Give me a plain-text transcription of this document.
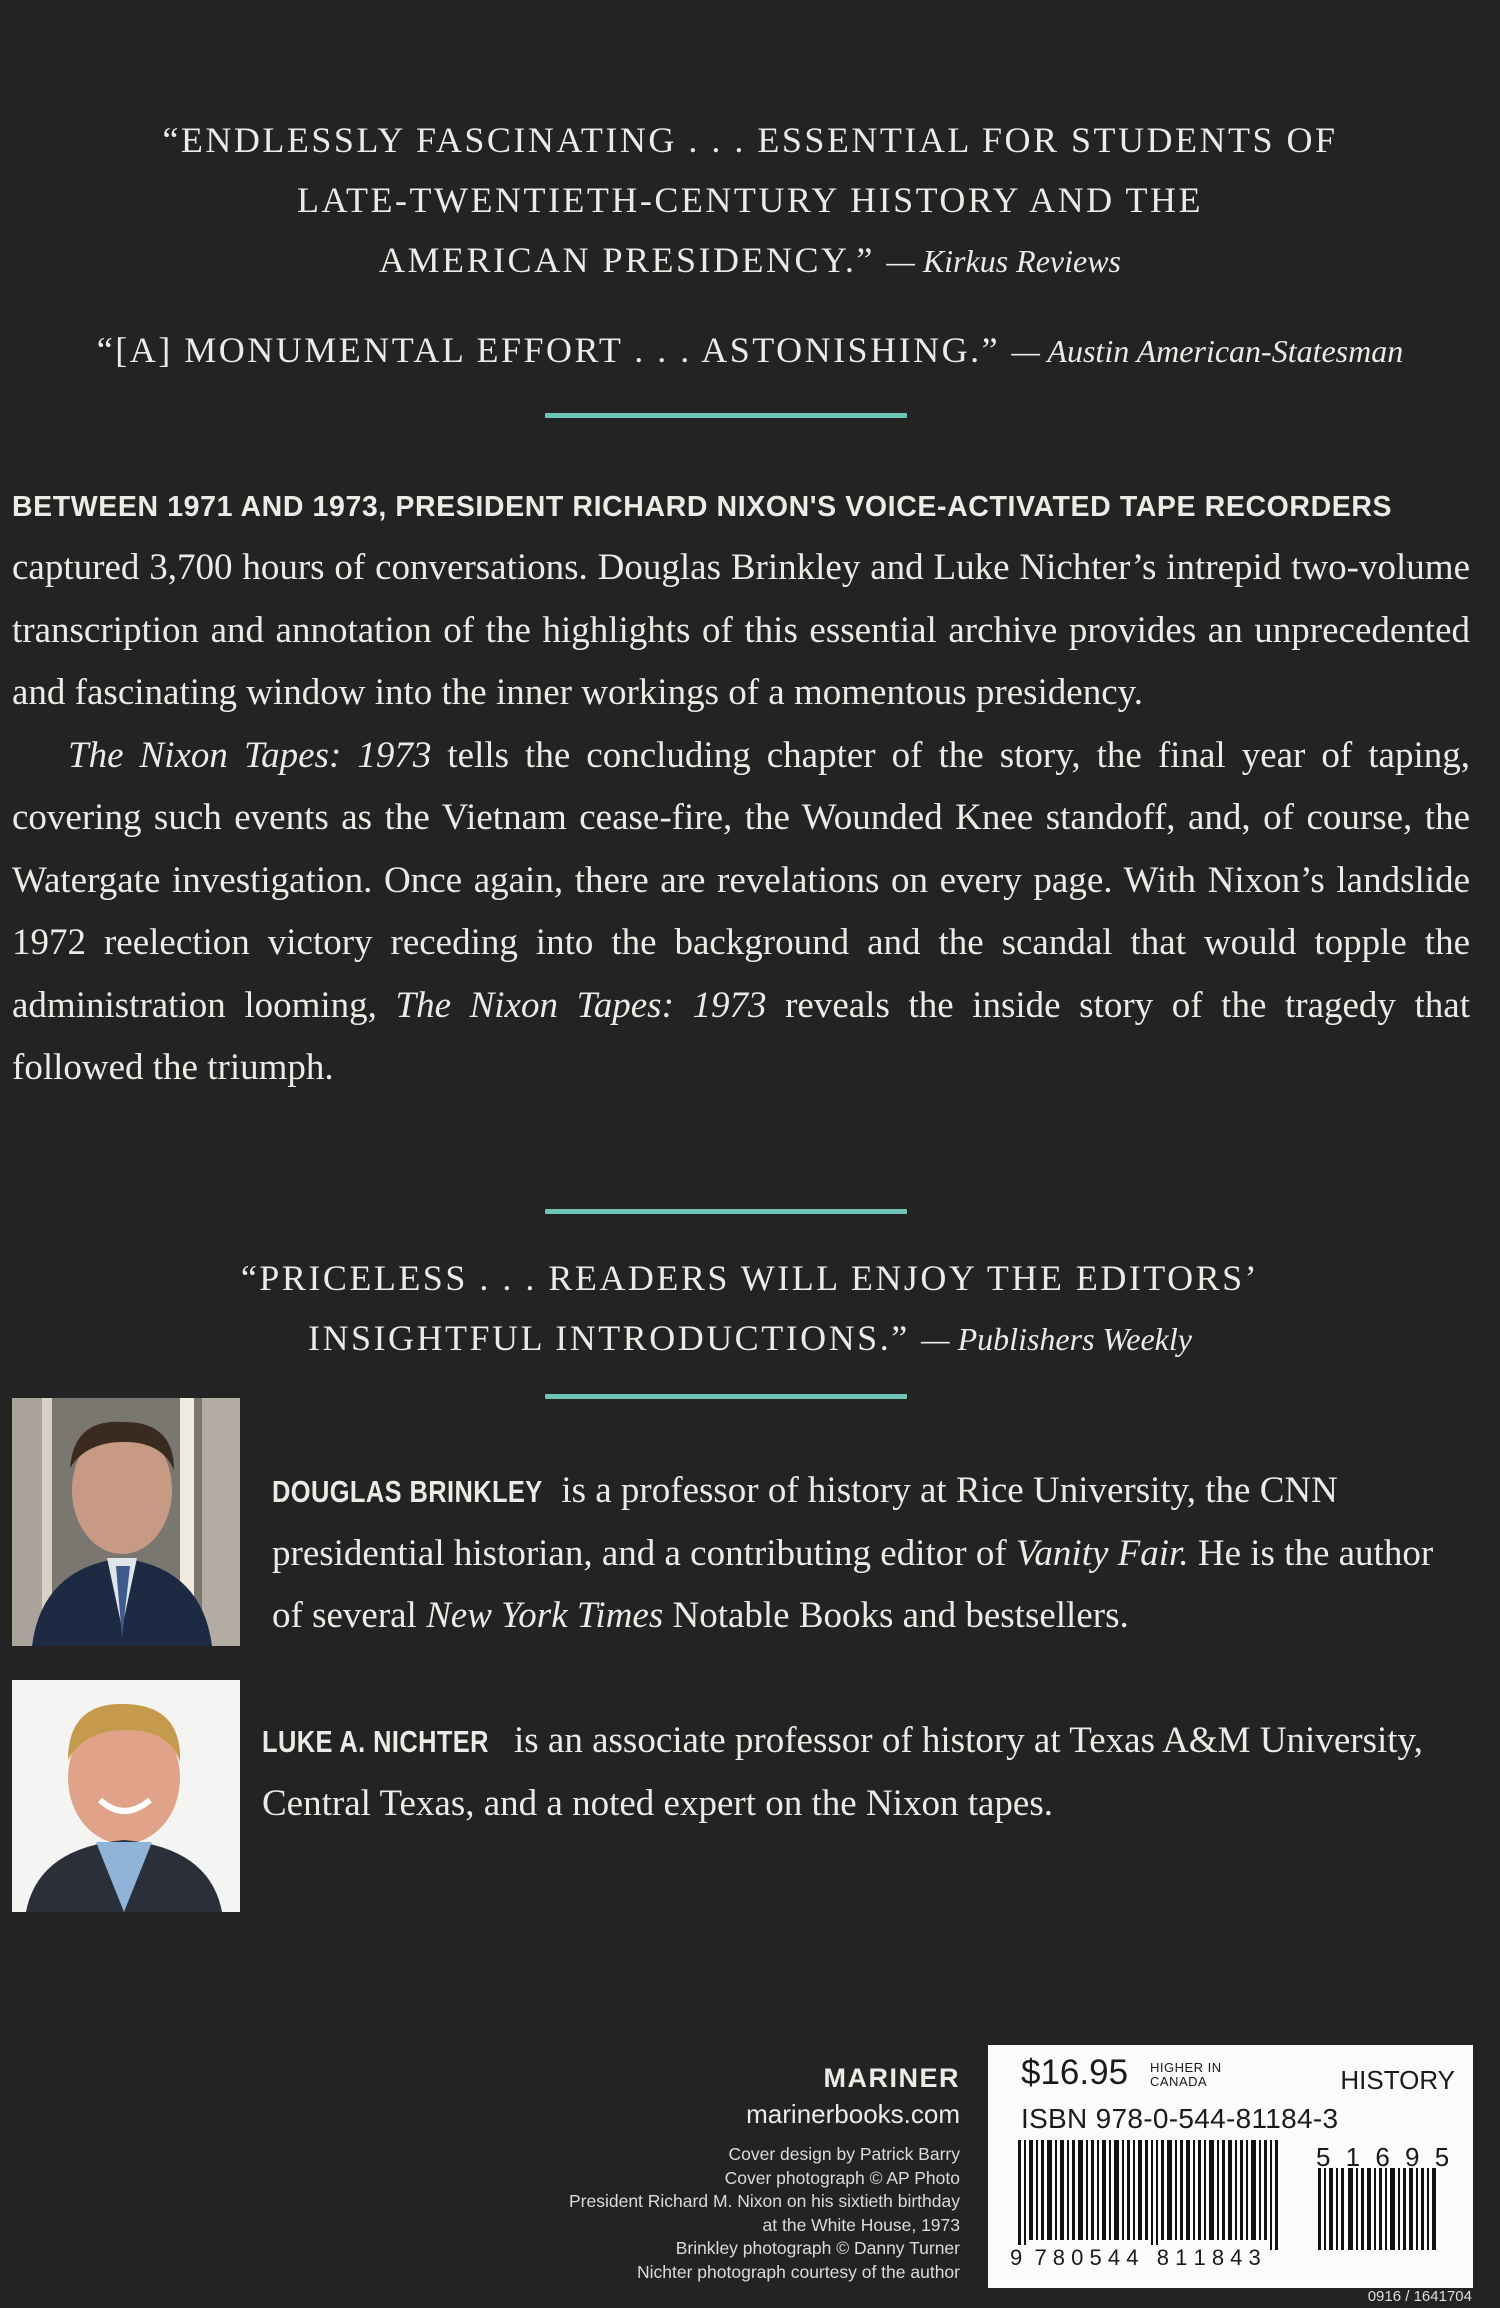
“ENDLESSLY FASCINATING . . . ESSENTIAL FOR STUDENTS OF
LATE-TWENTIETH-CENTURY HISTORY AND THE
AMERICAN PRESIDENCY.” — Kirkus Reviews
“[A] MONUMENTAL EFFORT . . . ASTONISHING.” — Austin American-Statesman
BETWEEN 1971 AND 1973, PRESIDENT RICHARD NIXON'S VOICE-ACTIVATED TAPE RECORDERS

captured 3,700 hours of conversations. Douglas Brinkley and Luke Nichter’s intrepid two-volume transcription and annotation of the highlights of this essential archive provides an unprecedented and fascinating window into the inner workings of a momentous presidency.

The Nixon Tapes: 1973 tells the concluding chapter of the story, the final year of taping, covering such events as the Vietnam cease-fire, the Wounded Knee standoff, and, of course, the Watergate investigation. Once again, there are revelations on every page. With Nixon’s landslide 1972 reelection victory receding into the background and the scandal that would topple the administration looming, The Nixon Tapes: 1973 reveals the inside story of the tragedy that followed the triumph.

“PRICELESS . . . READERS WILL ENJOY THE EDITORS’
INSIGHTFUL INTRODUCTIONS.” — Publishers Weekly
DOUGLAS BRINKLEY is a professor of history at Rice University, the CNN presidential historian, and a contributing editor of Vanity Fair. He is the author of several New York Times Notable Books and bestsellers.
LUKE A. NICHTER is an associate professor of history at Texas A&M University, Central Texas, and a noted expert on the Nixon tapes.
MARINER
marinerbooks.com
Cover design by Patrick Barry
Cover photograph © AP Photo
President Richard M. Nixon on his sixtieth birthday
at the White House, 1973
Brinkley photograph © Danny Turner
Nichter photograph courtesy of the author
$16.95 HIGHER IN
CANADA	HISTORY
ISBN 978-0-544-81184-3
5 1 6 9 5
9  7 8 0 5 4 4   8 1 1 8 4 3
0916 / 1641704
